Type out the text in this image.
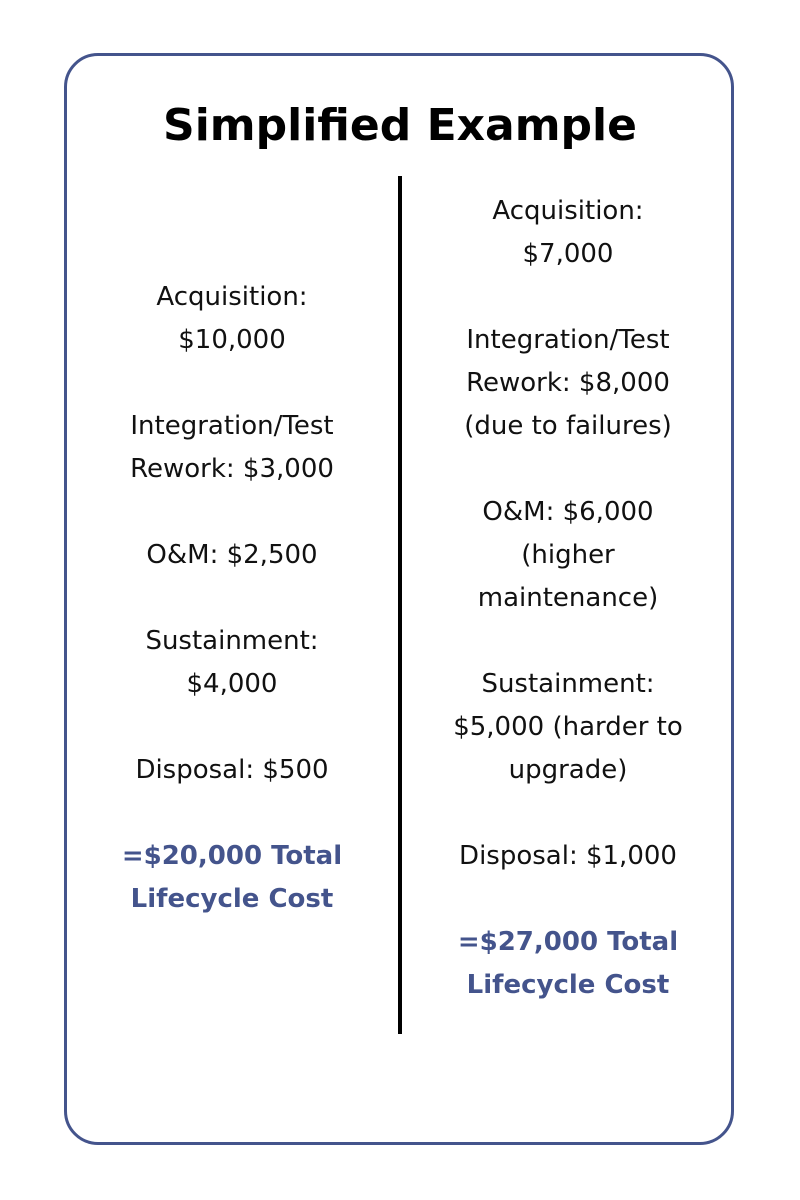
Simplified Example

Acquisition:
$10,000

Integration/Test
Rework: $3,000

O&M: $2,500

Sustainment:
$4,000

Disposal: $500

=$20,000 Total
Lifecycle Cost

Acquisition:
$7,000

Integration/Test
Rework: $8,000
(due to failures)

O&M: $6,000
(higher
maintenance)

Sustainment:
$5,000 (harder to
upgrade)

Disposal: $1,000

=$27,000 Total
Lifecycle Cost
